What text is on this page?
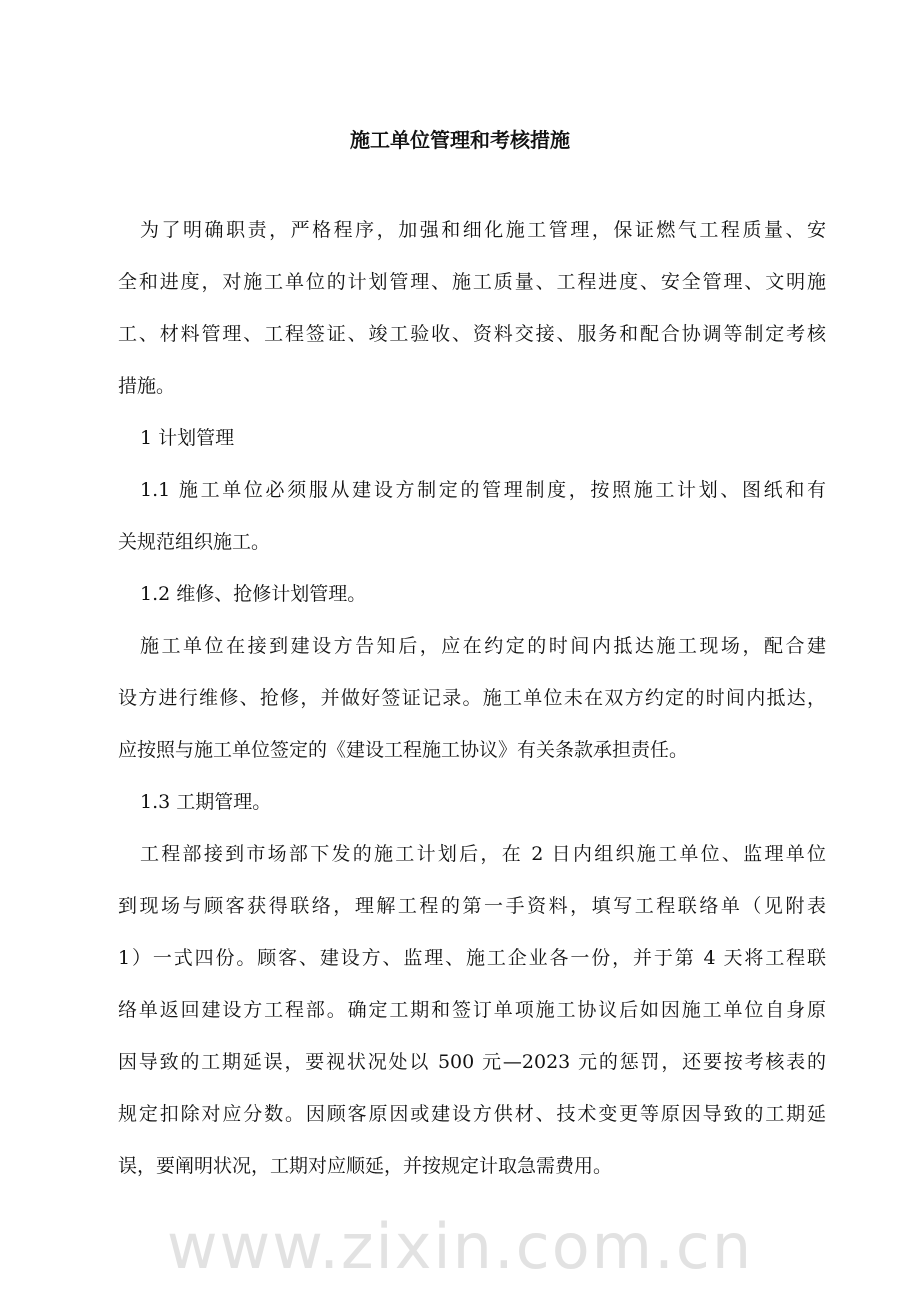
施工单位管理和考核措施
为了明确职责，严格程序，加强和细化施工管理，保证燃气工程质量、安
全和进度，对施工单位的计划管理、施工质量、工程进度、安全管理、文明施
工、材料管理、工程签证、竣工验收、资料交接、服务和配合协调等制定考核
措施。
1 计划管理
1.1 施工单位必须服从建设方制定的管理制度，按照施工计划、图纸和有
关规范组织施工。
1.2 维修、抢修计划管理。
施工单位在接到建设方告知后，应在约定的时间内抵达施工现场，配合建
设方进行维修、抢修，并做好签证记录。施工单位未在双方约定的时间内抵达，
应按照与施工单位签定的《建设工程施工协议》有关条款承担责任。
1.3 工期管理。
工程部接到市场部下发的施工计划后，在 2 日内组织施工单位、监理单位
到现场与顾客获得联络，理解工程的第一手资料，填写工程联络单（见附表
1）一式四份。顾客、建设方、监理、施工企业各一份，并于第 4 天将工程联
络单返回建设方工程部。确定工期和签订单项施工协议后如因施工单位自身原
因导致的工期延误，要视状况处以 500 元—2023 元的惩罚，还要按考核表的
规定扣除对应分数。因顾客原因或建设方供材、技术变更等原因导致的工期延
误，要阐明状况，工期对应顺延，并按规定计取急需费用。
www.zixin.com.cn
